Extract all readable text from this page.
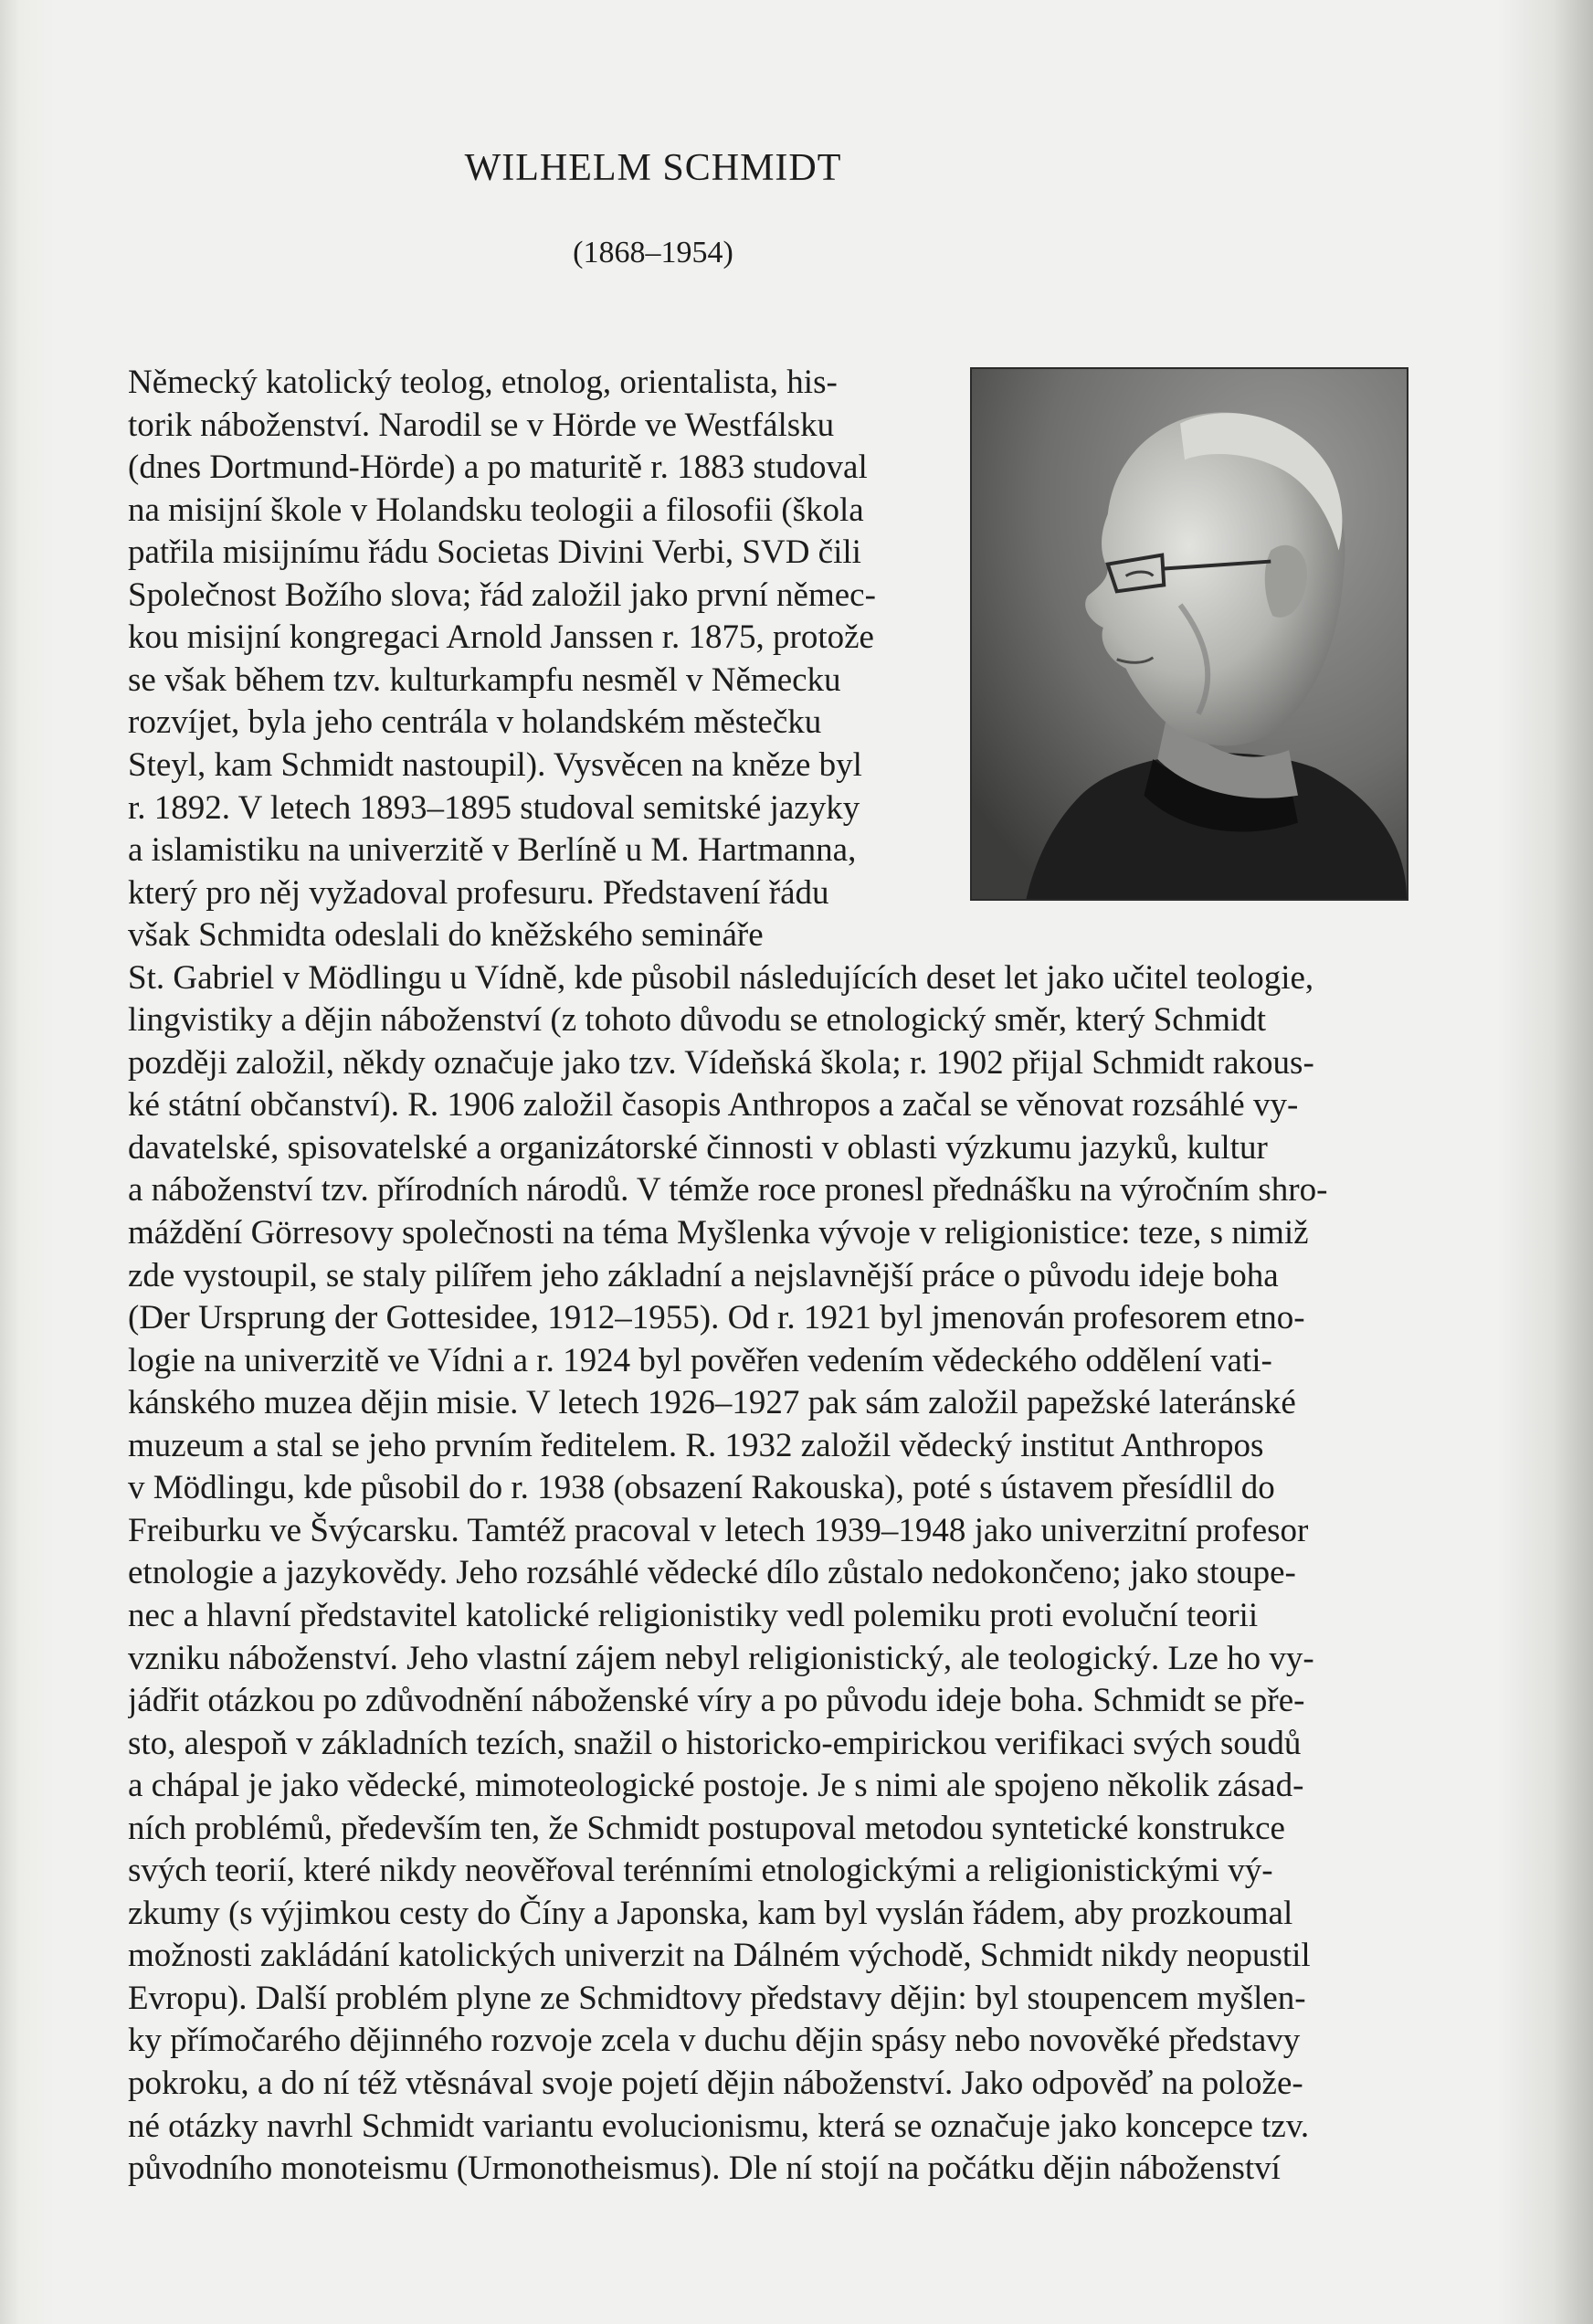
WILHELM SCHMIDT
(1868–1954)
Německý katolický teolog, etnolog, orientalista, his-
torik náboženství. Narodil se v Hörde ve Westfálsku
(dnes Dortmund-Hörde) a po maturitě r. 1883 studoval
na misijní škole v Holandsku teologii a filosofii (škola
patřila misijnímu řádu Societas Divini Verbi, SVD čili
Společnost Božího slova; řád založil jako první němec-
kou misijní kongregaci Arnold Janssen r. 1875, protože
se však během tzv. kulturkampfu nesměl v Německu
rozvíjet, byla jeho centrála v holandském městečku
Steyl, kam Schmidt nastoupil). Vysvěcen na kněze byl
r. 1892. V letech 1893–1895 studoval semitské jazyky
a islamistiku na univerzitě v Berlíně u M. Hartmanna,
který pro něj vyžadoval profesuru. Představení řádu
však Schmidta odeslali do kněžského semináře
St. Gabriel v Mödlingu u Vídně, kde působil následujících deset let jako učitel teologie,
lingvistiky a dějin náboženství (z tohoto důvodu se etnologický směr, který Schmidt
později založil, někdy označuje jako tzv. Vídeňská škola; r. 1902 přijal Schmidt rakous-
ké státní občanství). R. 1906 založil časopis Anthropos a začal se věnovat rozsáhlé vy-
davatelské, spisovatelské a organizátorské činnosti v oblasti výzkumu jazyků, kultur
a náboženství tzv. přírodních národů. V témže roce pronesl přednášku na výročním shro-
máždění Görresovy společnosti na téma Myšlenka vývoje v religionistice: teze, s nimiž
zde vystoupil, se staly pilířem jeho základní a nejslavnější práce o původu ideje boha
(Der Ursprung der Gottesidee, 1912–1955). Od r. 1921 byl jmenován profesorem etno-
logie na univerzitě ve Vídni a r. 1924 byl pověřen vedením vědeckého oddělení vati-
kánského muzea dějin misie. V letech 1926–1927 pak sám založil papežské lateránské
muzeum a stal se jeho prvním ředitelem. R. 1932 založil vědecký institut Anthropos
v Mödlingu, kde působil do r. 1938 (obsazení Rakouska), poté s ústavem přesídlil do
Freiburku ve Švýcarsku. Tamtéž pracoval v letech 1939–1948 jako univerzitní profesor
etnologie a jazykovědy. Jeho rozsáhlé vědecké dílo zůstalo nedokončeno; jako stoupe-
nec a hlavní představitel katolické religionistiky vedl polemiku proti evoluční teorii
vzniku náboženství. Jeho vlastní zájem nebyl religionistický, ale teologický. Lze ho vy-
jádřit otázkou po zdůvodnění náboženské víry a po původu ideje boha. Schmidt se pře-
sto, alespoň v základních tezích, snažil o historicko-empirickou verifikaci svých soudů
a chápal je jako vědecké, mimoteologické postoje. Je s nimi ale spojeno několik zásad-
ních problémů, především ten, že Schmidt postupoval metodou syntetické konstrukce
svých teorií, které nikdy neověřoval terénními etnologickými a religionistickými vý-
zkumy (s výjimkou cesty do Číny a Japonska, kam byl vyslán řádem, aby prozkoumal
možnosti zakládání katolických univerzit na Dálném východě, Schmidt nikdy neopustil
Evropu). Další problém plyne ze Schmidtovy představy dějin: byl stoupencem myšlen-
ky přímočarého dějinného rozvoje zcela v duchu dějin spásy nebo novověké představy
pokroku, a do ní též vtěsnával svoje pojetí dějin náboženství. Jako odpověď na polože-
né otázky navrhl Schmidt variantu evolucionismu, která se označuje jako koncepce tzv.
původního monoteismu (Urmonotheismus). Dle ní stojí na počátku dějin náboženství
